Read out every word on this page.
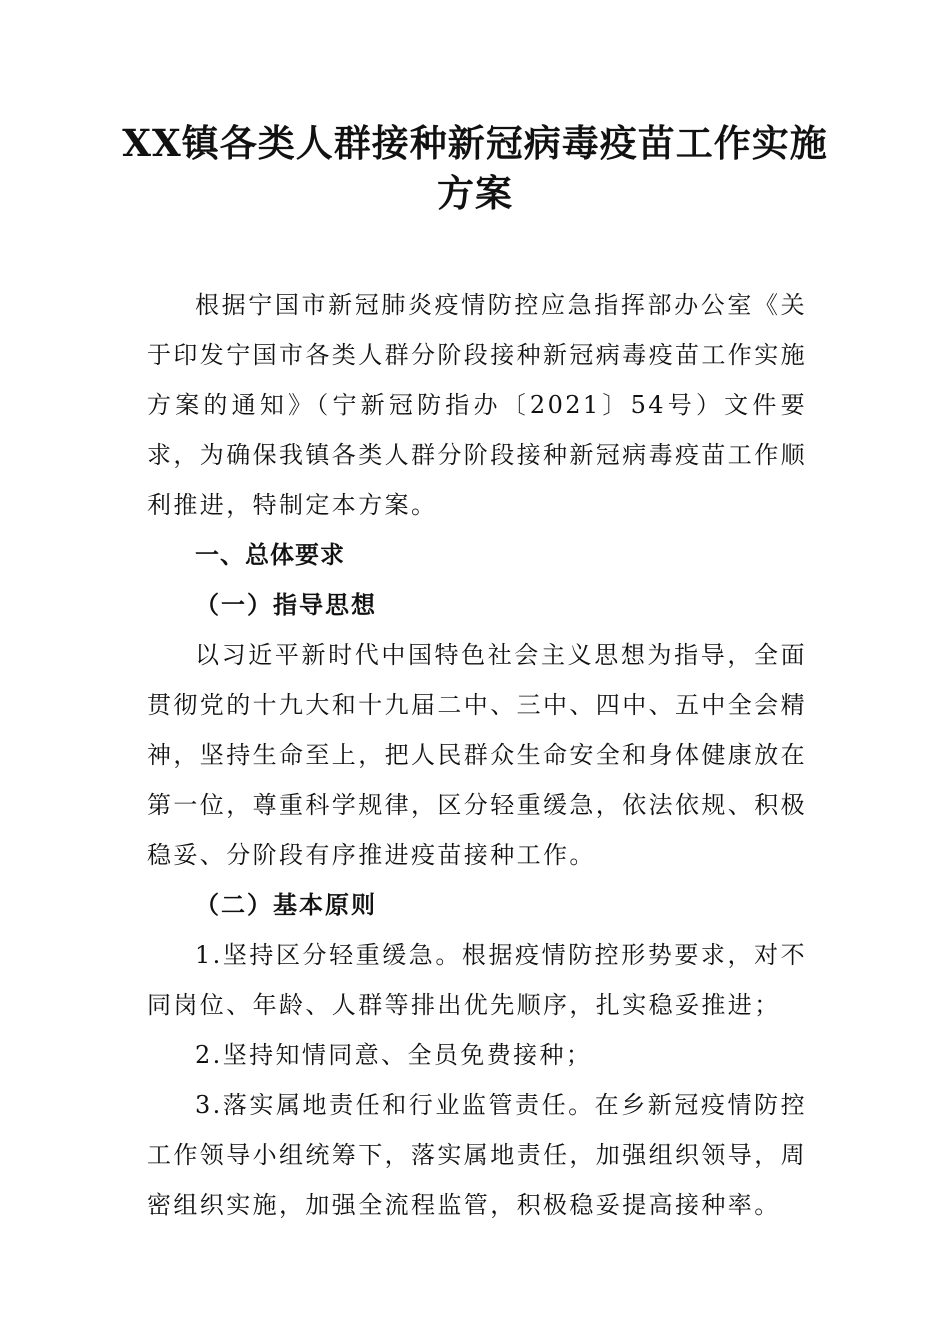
XX镇各类人群接种新冠病毒疫苗工作实施方案

根据宁国市新冠肺炎疫情防控应急指挥部办公室《关于印发宁国市各类人群分阶段接种新冠病毒疫苗工作实施方案的通知》（宁新冠防指办〔2021〕54号）文件要求，为确保我镇各类人群分阶段接种新冠病毒疫苗工作顺利推进，特制定本方案。

一、总体要求

（一）指导思想

以习近平新时代中国特色社会主义思想为指导，全面贯彻党的十九大和十九届二中、三中、四中、五中全会精神，坚持生命至上，把人民群众生命安全和身体健康放在第一位，尊重科学规律，区分轻重缓急，依法依规、积极稳妥、分阶段有序推进疫苗接种工作。

（二）基本原则

1.坚持区分轻重缓急。根据疫情防控形势要求，对不同岗位、年龄、人群等排出优先顺序，扎实稳妥推进；

2.坚持知情同意、全员免费接种；

3.落实属地责任和行业监管责任。在乡新冠疫情防控工作领导小组统筹下，落实属地责任，加强组织领导，周密组织实施，加强全流程监管，积极稳妥提高接种率。
